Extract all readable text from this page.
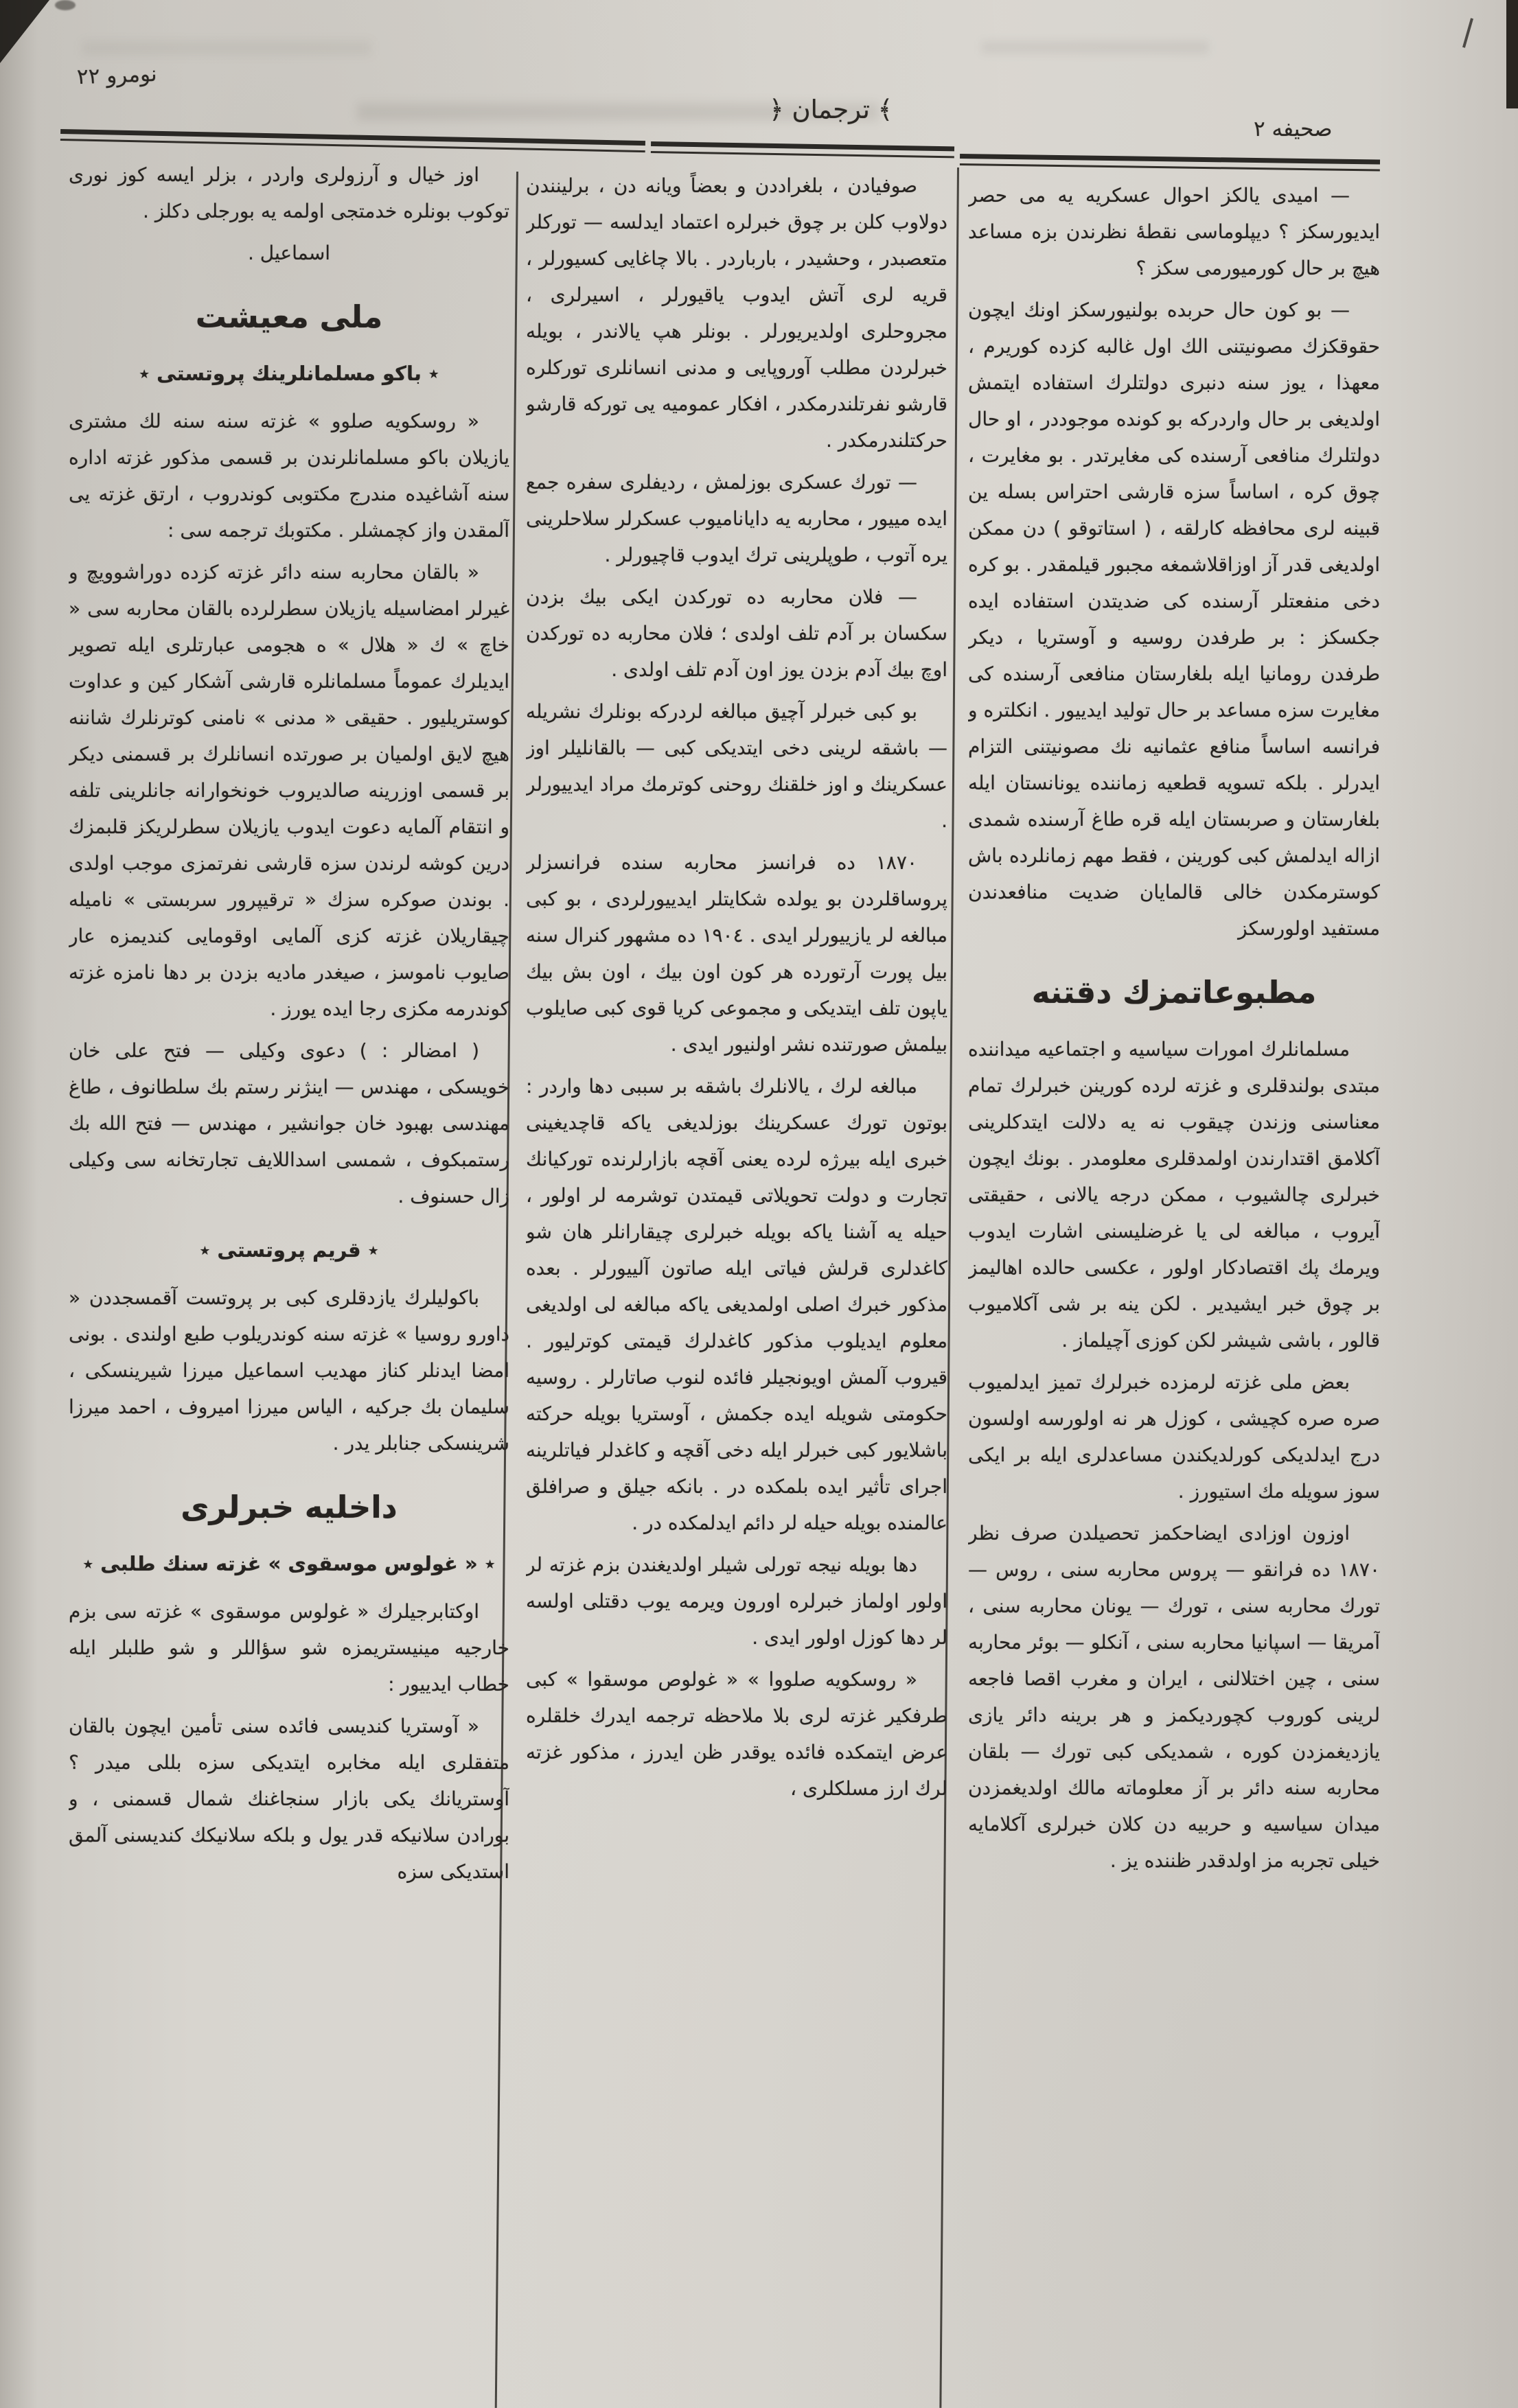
نومرو ٢٢
﴾ ترجمان ﴿
صحيفه ٢
— اميدى يالكز احوال عسكريه يه مى حصر ايديورسكز ؟ ديپلوماسى نقطهٔ نظرندن بزه مساعد هيچ بر حال كورميورمى سكز ؟
— بو كون حال حربده بولنيورسكز اونك ايچون حقوقكزك مصونيتنى الك اول غالبه كزده كوريرم ، معهذا ، يوز سنه دنبرى دولتلرك استفاده ايتمش اولديغى بر حال واردركه بو كونده موجوددر ، او حال دولتلرك منافعى آرسنده كى مغايرتدر . بو مغايرت ، چوق كره ، اساساً سزه قارشى احتراس بسله ين قبينه لرى محافظه كارلقه ، ( استاتوقو ) دن ممكن اولديغى قدر آز اوزاقلاشمغه مجبور قيلمقدر . بو كره دخى منفعتلر آرسنده كى ضديتدن استفاده ايده جكسكز : بر طرفدن روسيه و آوستريا ، ديكر طرفدن رومانيا ايله بلغارستان منافعى آرسنده كى مغايرت سزه مساعد بر حال توليد ايدييور . انكلتره و فرانسه اساساً منافع عثمانيه نك مصونيتنى التزام ايدرلر . بلكه تسويه قطعيه زماننده يونانستان ايله بلغارستان و صربستان ايله قره طاغ آرسنده شمدى ازاله ايدلمش كبى كورينن ، فقط مهم زمانلرده باش كوسترمكدن خالى قالمايان ضديت منافعدندن مستفيد اولورسكز
مطبوعاتمزك دقتنه
مسلمانلرك امورات سياسيه و اجتماعيه ميداننده مبتدى بولندقلرى و غزته لرده كورينن خبرلرك تمام معناسنى وزندن چيقوب نه يه دلالت ايتدكلرينى آكلامق اقتدارندن اولمدقلرى معلومدر . بونك ايچون خبرلرى چالشيوب ، ممكن درجه يالانى ، حقيقتى آيروب ، مبالغه لى يا غرضليسنى اشارت ايدوب ويرمك پك اقتصادكار اولور ، عكسى حالده اهاليمز بر چوق خبر ايشيدير . لكن ينه بر شى آكلاميوب قالور ، باشى شيشر لكن كوزى آچيلماز .
بعض ملى غزته لرمزده خبرلرك تميز ايدلميوب صره صره كچيشى ، كوزل هر نه اولورسه اولسون درج ايدلديكى كورلديكندن مساعدلرى ايله بر ايكى سوز سويله مك استيورز .
اوزون اوزادى ايضاحكمز تحصيلدن صرف نظر ١٨٧٠ ده فرانقو — پروس محاربه سنى ، روس — تورك محاربه سنى ، تورك — يونان محاربه سنى ، آمريقا — اسپانيا محاربه سنى ، آنكلو — بوئر محاربه سنى ، چين اختلالنى ، ايران و مغرب اقصا فاجعه لرينى كوروب كچورديكمز و هر برينه دائر يازى يازديغمزدن كوره ، شمديكى كبى تورك — بلقان محاربه سنه دائر بر آز معلوماته مالك اولديغمزدن ميدان سياسيه و حربيه دن كلان خبرلرى آكلامايه خيلى تجربه مز اولدقدر ظننده يز .
صوفيادن ، بلغراددن و بعضاً ويانه دن ، برلينندن دولاوب كلن بر چوق خبرلره اعتماد ايدلسه — توركلر متعصبدر ، وحشيدر ، بارباردر . بالا چاغايى كسيورلر ، قريه لرى آتش ايدوب ياقيورلر ، اسيرلرى ، مجروحلرى اولديريورلر . بونلر هپ يالاندر ، بويله خبرلردن مطلب آوروپايى و مدنى انسانلرى توركلره قارشو نفرتلندرمكدر ، افكار عموميه يى توركه قارشو حركتلندرمكدر .
— تورك عسكرى بوزلمش ، رديفلرى سفره جمع ايده مييور ، محاربه يه داياناميوب عسكرلر سلاحلرينى يره آتوب ، طوپلرينى ترك ايدوب قاچيورلر .
— فلان محاربه ده توركدن ايكى بيك بزدن سكسان بر آدم تلف اولدى ؛ فلان محاربه ده توركدن اوچ بيك آدم بزدن يوز اون آدم تلف اولدى .
بو كبى خبرلر آچيق مبالغه لردركه بونلرك نشريله — باشقه لرينى دخى ايتديكى كبى — بالقانليلر اوز عسكرينك و اوز خلقنك روحنى كوترمك مراد ايدييورلر .
١٨٧٠ ده فرانسز محاربه سنده فرانسزلر پروساقلردن بو يولده شكايتلر ايدييورلردى ، بو كبى مبالغه لر يازييورلر ايدى . ١٩٠٤ ده مشهور كنرال سنه بيل پورت آرتورده هر كون اون بيك ، اون بش بيك ياپون تلف ايتديكى و مجموعى كريا قوى كبى صايلوب بيلمش صورتنده نشر اولنيور ايدى .
مبالغه لرك ، يالانلرك باشقه بر سببى دها واردر : بوتون تورك عسكرينك بوزلديغى ياكه قاچديغينى خبرى ايله بيرژه لرده يعنى آقچه بازارلرنده توركيانك تجارت و دولت تحويلاتى قيمتدن توشرمه لر اولور ، حيله يه آشنا ياكه بويله خبرلرى چيقارانلر هان شو كاغدلرى قرلش فياتى ايله صاتون آلييورلر . بعده مذكور خبرك اصلى اولمديغى ياكه مبالغه لى اولديغى معلوم ايديلوب مذكور كاغدلرك قيمتى كوترليور . قيروب آلمش اويونجيلر فائده لنوب صاتارلر . روسيه حكومتى شويله ايده جكمش ، آوستريا بويله حركته باشلايور كبى خبرلر ايله دخى آقچه و كاغدلر فياتلرينه اجراى تأثير ايده بلمكده در . بانكه جيلق و صرافلق عالمنده بويله حيله لر دائم ايدلمكده در .
دها بويله نيجه تورلى شيلر اولديغندن بزم غزته لر اولور اولماز خبرلره اورون ويرمه يوب دقتلى اولسه لر دها كوزل اولور ايدى .
« روسكويه صلووا » « غولوص موسقوا » كبى طرفكير غزته لرى بلا ملاحظه ترجمه ايدرك خلقلره عرض ايتمكده فائده يوقدر ظن ايدرز ، مذكور غزته لرك ارز مسلكلرى ،
اوز خيال و آرزولرى واردر ، بزلر ايسه كوز نورى توكوب بونلره خدمتجى اولمه يه بورجلى دكلز .
اسماعيل .
ملى معيشت
٭ باكو مسلمانلرينك پروتستى ٭
« روسكويه صلوو » غزته سنه سنه لك مشترى يازيلان باكو مسلمانلرندن بر قسمى مذكور غزته اداره سنه آشاغيده مندرج مكتوبى كوندروب ، ارتق غزته يى آلمقدن واز كچمشلر . مكتوبك ترجمه سى :
« بالقان محاربه سنه دائر غزته كزده دوراشوويچ و غيرلر امضاسيله يازيلان سطرلرده بالقان محاربه سى « خاچ » ك « هلال » ه هجومى عبارتلرى ايله تصوير ايديلرك عموماً مسلمانلره قارشى آشكار كين و عداوت كوستريليور . حقيقى « مدنى » نامنى كوترنلرك شاننه هيچ لايق اولميان بر صورتده انسانلرك بر قسمنى ديكر بر قسمى اوزرينه صالديروب خونخوارانه جانلرينى تلفه و انتقام آلمايه دعوت ايدوب يازيلان سطرلريكز قلبمزك درين كوشه لرندن سزه قارشى نفرتمزى موجب اولدى . بوندن صوكره سزك « ترقيپرور سربستى » ناميله چيقاريلان غزته كزى آلمايى اوقومايى كنديمزه عار صايوب ناموسز ، صيغدر ماديه بزدن بر دها نامزه غزته كوندرمه مكزى رجا ايده يورز .
( امضالر : ) دعوى وكيلى — فتح على خان خويسكى ، مهندس — اينژنر رستم بك سلطانوف ، طاغ مهندسى بهبود خان جوانشير ، مهندس — فتح الله بك رستمبكوف ، شمسى اسداللايف تجارتخانه سى وكيلى زال حسنوف .
٭ قريم پروتستى ٭
باكوليلرك يازدقلرى كبى بر پروتست آقمسجددن « داورو روسيا » غزته سنه كوندريلوب طبع اولندى . بونى امضا ايدنلر كناز مهديب اسماعيل ميرزا شيرينسكى ، سليمان بك جركيه ، الياس ميرزا اميروف ، احمد ميرزا شرينسكى جنابلر يدر .
داخليه خبرلرى
٭ « غولوس موسقوى » غزته سنك طلبى ٭
اوكتابرجيلرك « غولوس موسقوى » غزته سى بزم خارجيه مينيستريمزه شو سؤاللر و شو طلبلر ايله خطاب ايدييور :
« آوستريا كنديسى فائده سنى تأمين ايچون بالقان متفقلرى ايله مخابره ايتديكى سزه بللى ميدر ؟ آوستريانك يكى بازار سنجاغنك شمال قسمنى ، و بورادن سلانيكه قدر يول و بلكه سلانيكك كنديسنى آلمق استديكى سزه
